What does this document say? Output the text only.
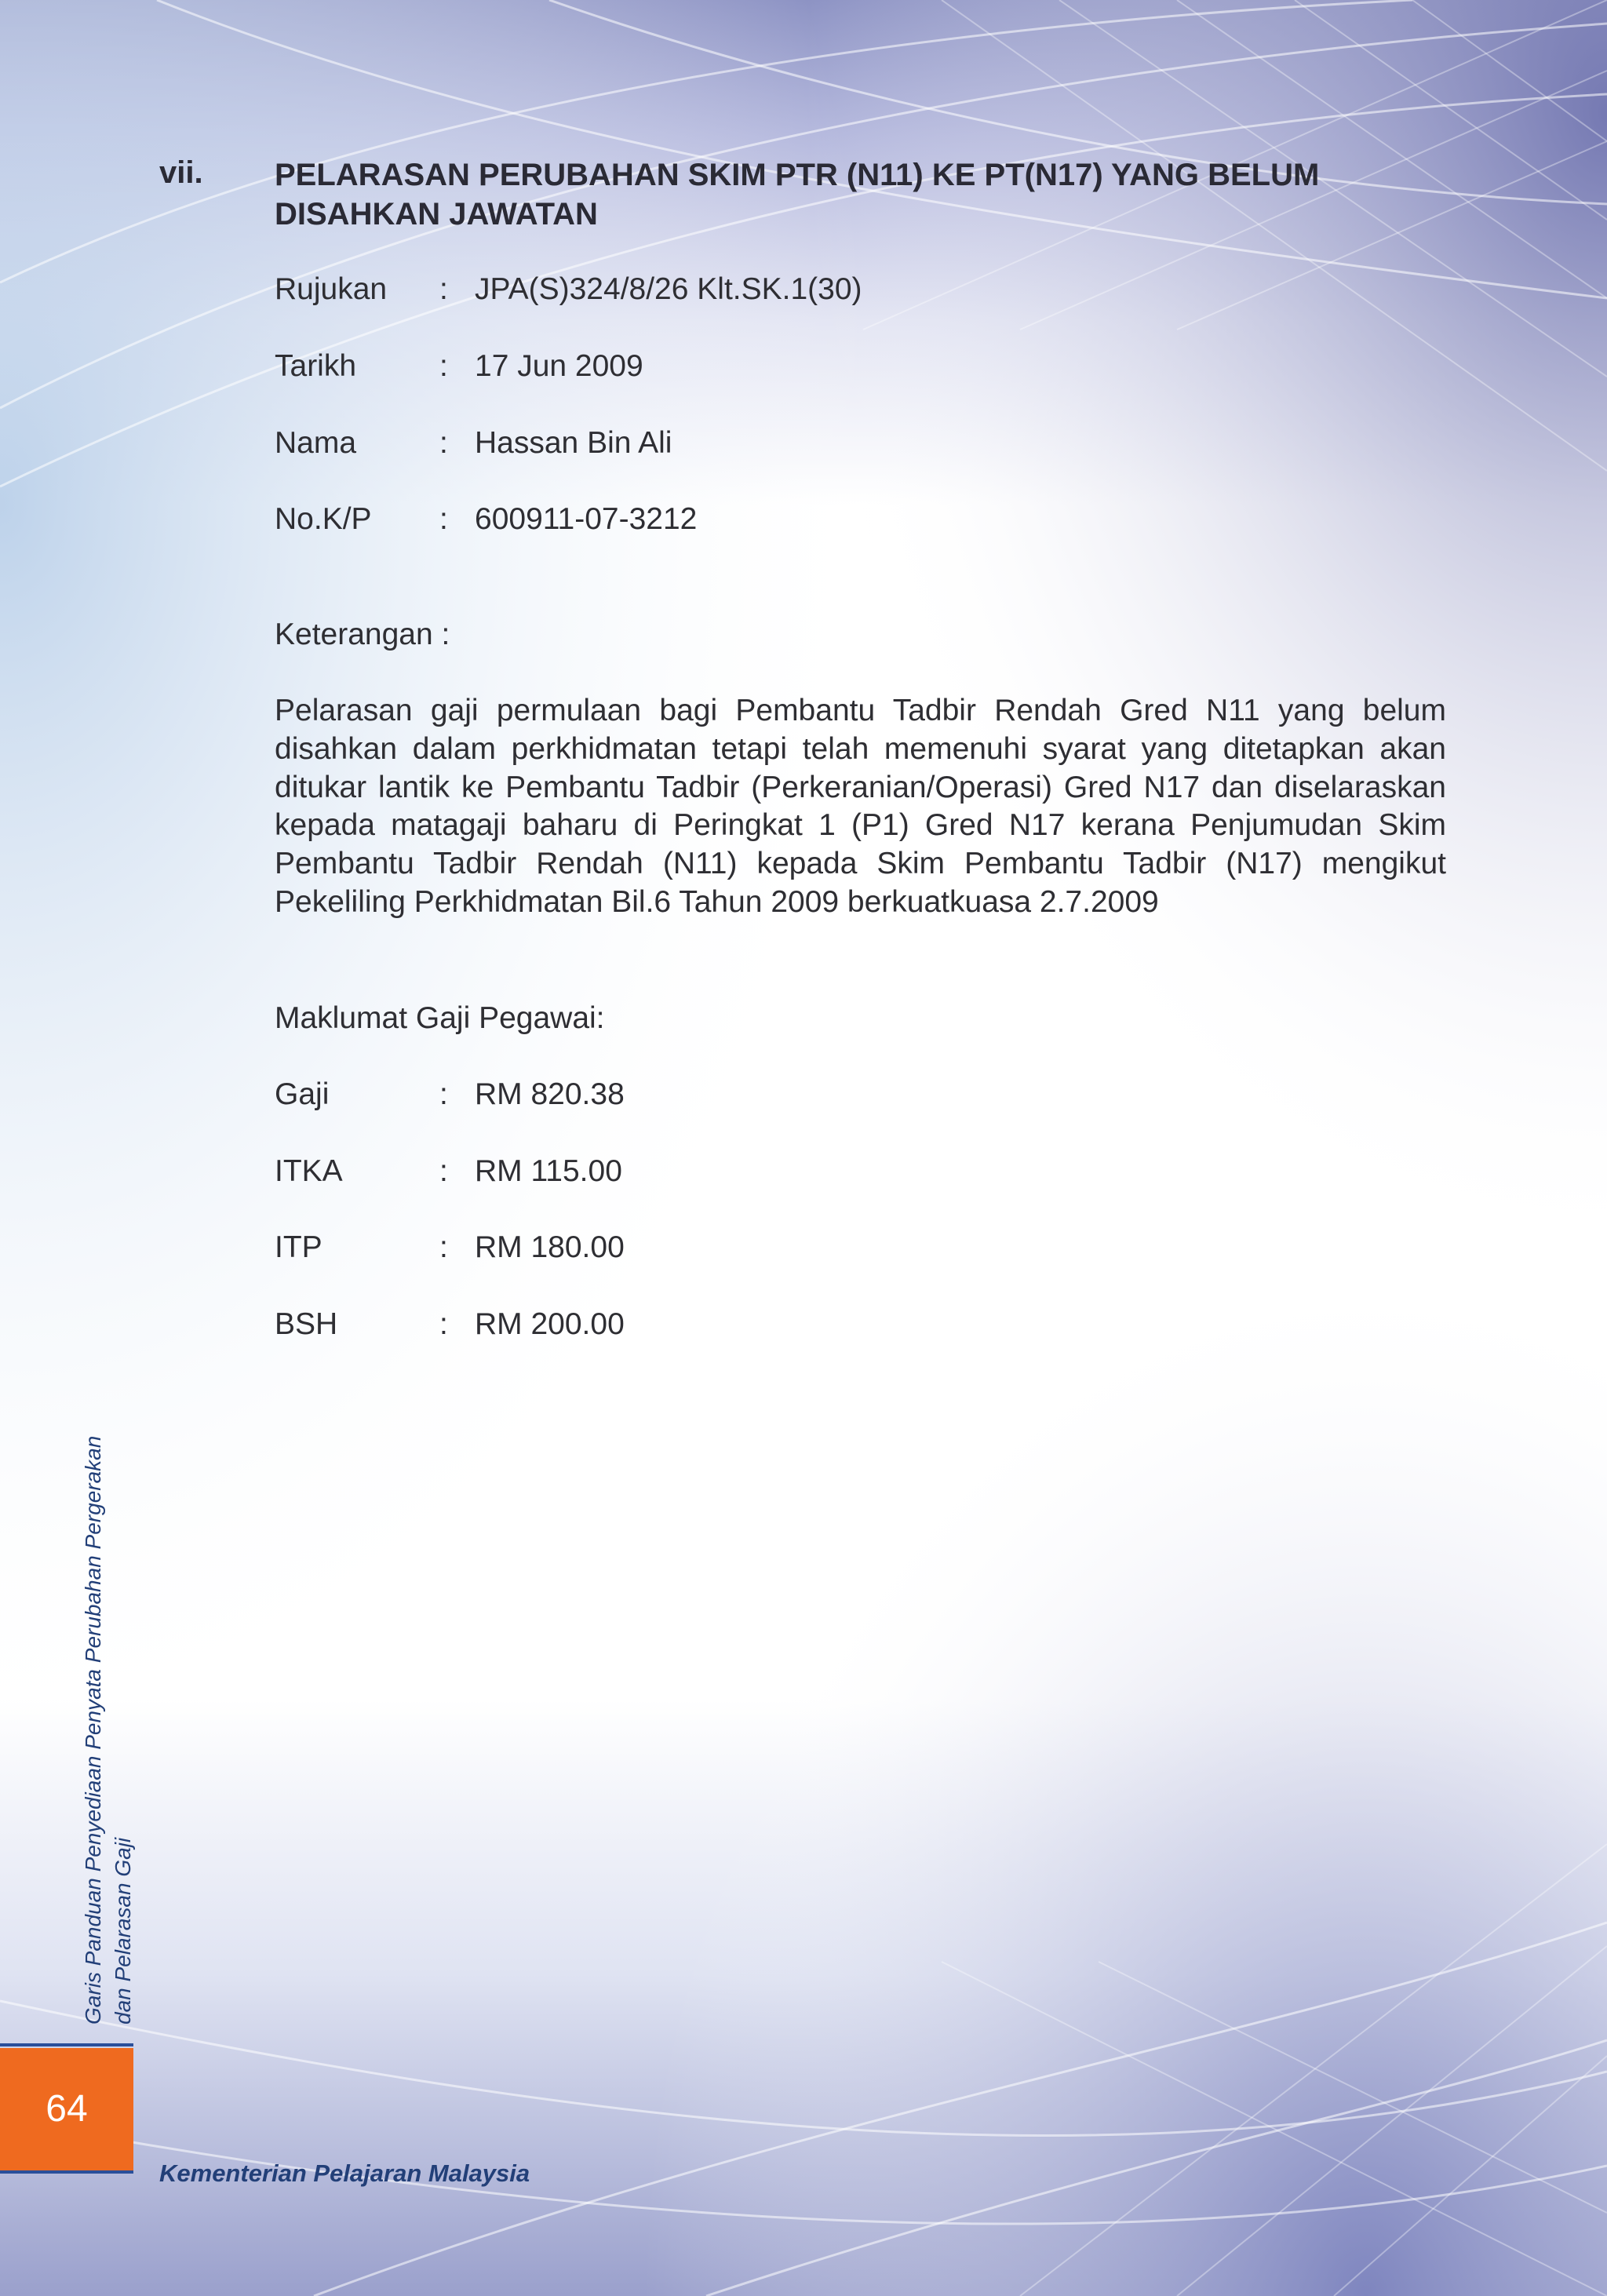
vii. PELARASAN PERUBAHAN SKIM PTR (N11) KE PT(N17) YANG BELUM DISAHKAN JAWATAN
Rujukan : JPA(S)324/8/26 Klt.SK.1(30)
Tarikh	: 17 Jun 2009
Nama	: Hassan Bin Ali
No.K/P : 600911-07-3212
Keterangan :
Pelarasan gaji permulaan bagi Pembantu Tadbir Rendah Gred N11 yang belum disahkan dalam perkhidmatan tetapi telah memenuhi syarat yang ditetapkan akan ditukar lantik ke Pembantu Tadbir (Perkeranian/Operasi) Gred N17 dan diselaraskan kepada matagaji baharu di Peringkat 1 (P1) Gred N17 kerana Penjumudan Skim Pembantu Tadbir Rendah (N11) kepada Skim Pembantu Tadbir (N17) mengikut Pekeliling Perkhidmatan Bil.6 Tahun 2009 berkuatkuasa 2.7.2009
Maklumat Gaji Pegawai:
Gaji	: RM 820.38
ITKA	: RM 115.00
ITP	: RM 180.00
BSH	: RM 200.00
Garis Panduan Penyediaan Penyata Perubahan Pergerakan dan Pelarasan Gaji
64
Kementerian Pelajaran Malaysia
